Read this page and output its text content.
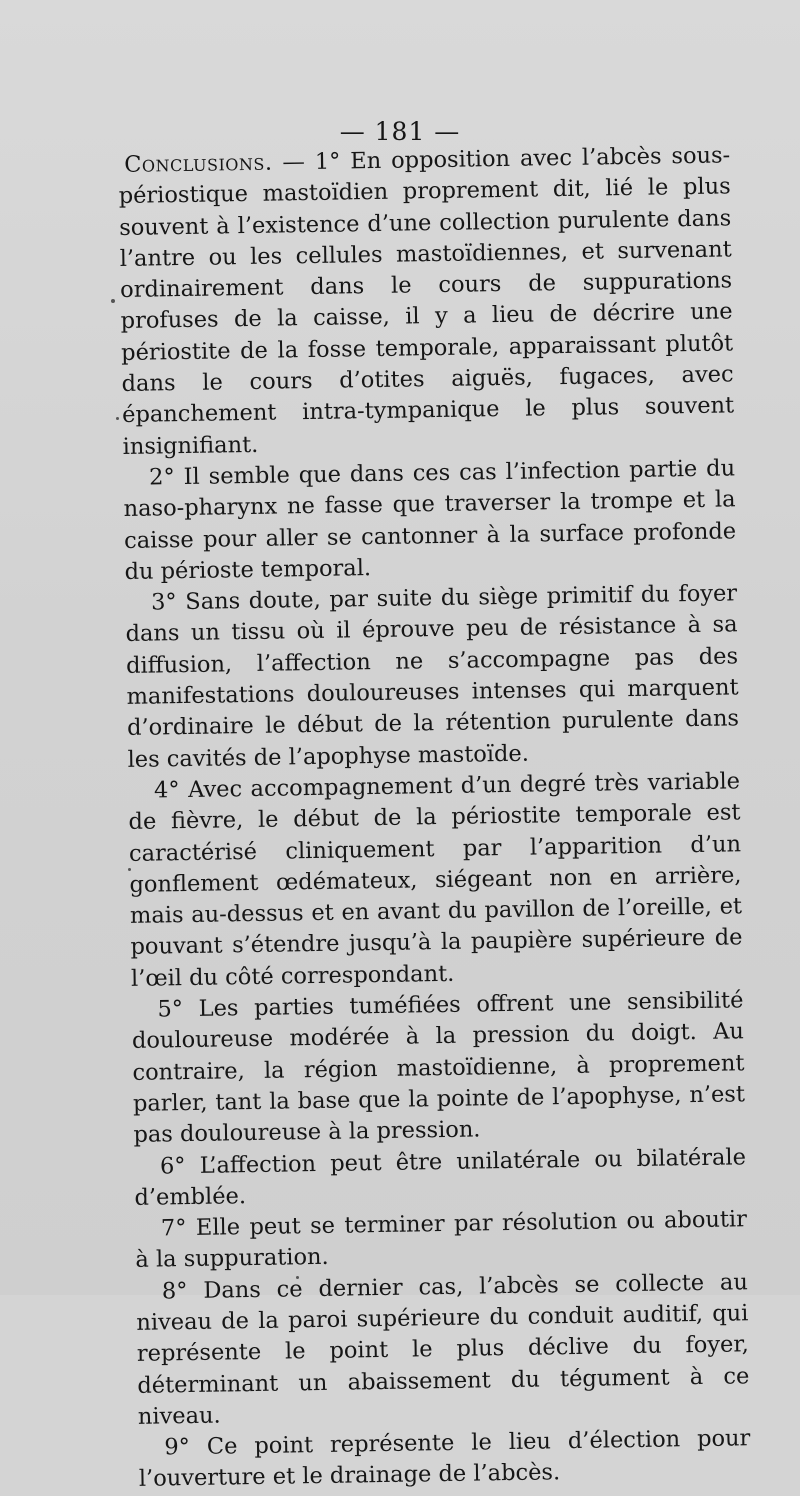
— 181 —

Conclusions. — 1° En opposition avec l’abcès sous-périostique mastoïdien proprement dit, lié le plus souvent à l’existence d’une collection purulente dans l’antre ou les cellules mastoïdiennes, et survenant ordinairement dans le cours de suppurations profuses de la caisse, il y a lieu de décrire une périostite de la fosse temporale, apparaissant plutôt dans le cours d’otites aiguës, fugaces, avec épanchement intra-tympanique le plus souvent insignifiant.

2° Il semble que dans ces cas l’infection partie du naso-pharynx ne fasse que traverser la trompe et la caisse pour aller se cantonner à la surface profonde du périoste temporal.

3° Sans doute, par suite du siège primitif du foyer dans un tissu où il éprouve peu de résistance à sa diffusion, l’affection ne s’accompagne pas des manifestations douloureuses intenses qui marquent d’ordinaire le début de la rétention purulente dans les cavités de l’apophyse mastoïde.

4° Avec accompagnement d’un degré très variable de fièvre, le début de la périostite temporale est caractérisé cliniquement par l’apparition d’un gonflement œdémateux, siégeant non en arrière, mais au-dessus et en avant du pavillon de l’oreille, et pouvant s’étendre jusqu’à la paupière supérieure de l’œil du côté correspondant.

5° Les parties tuméfiées offrent une sensibilité douloureuse modérée à la pression du doigt. Au contraire, la région mastoïdienne, à proprement parler, tant la base que la pointe de l’apophyse, n’est pas douloureuse à la pression.

6° L’affection peut être unilatérale ou bilatérale d’emblée.

7° Elle peut se terminer par résolution ou aboutir à la suppuration.

8° Dans ce dernier cas, l’abcès se collecte au niveau de la paroi supérieure du conduit auditif, qui représente le point le plus déclive du foyer, déterminant un abaissement du tégument à ce niveau.

9° Ce point représente le lieu d’élection pour l’ouverture et le drainage de l’abcès.
